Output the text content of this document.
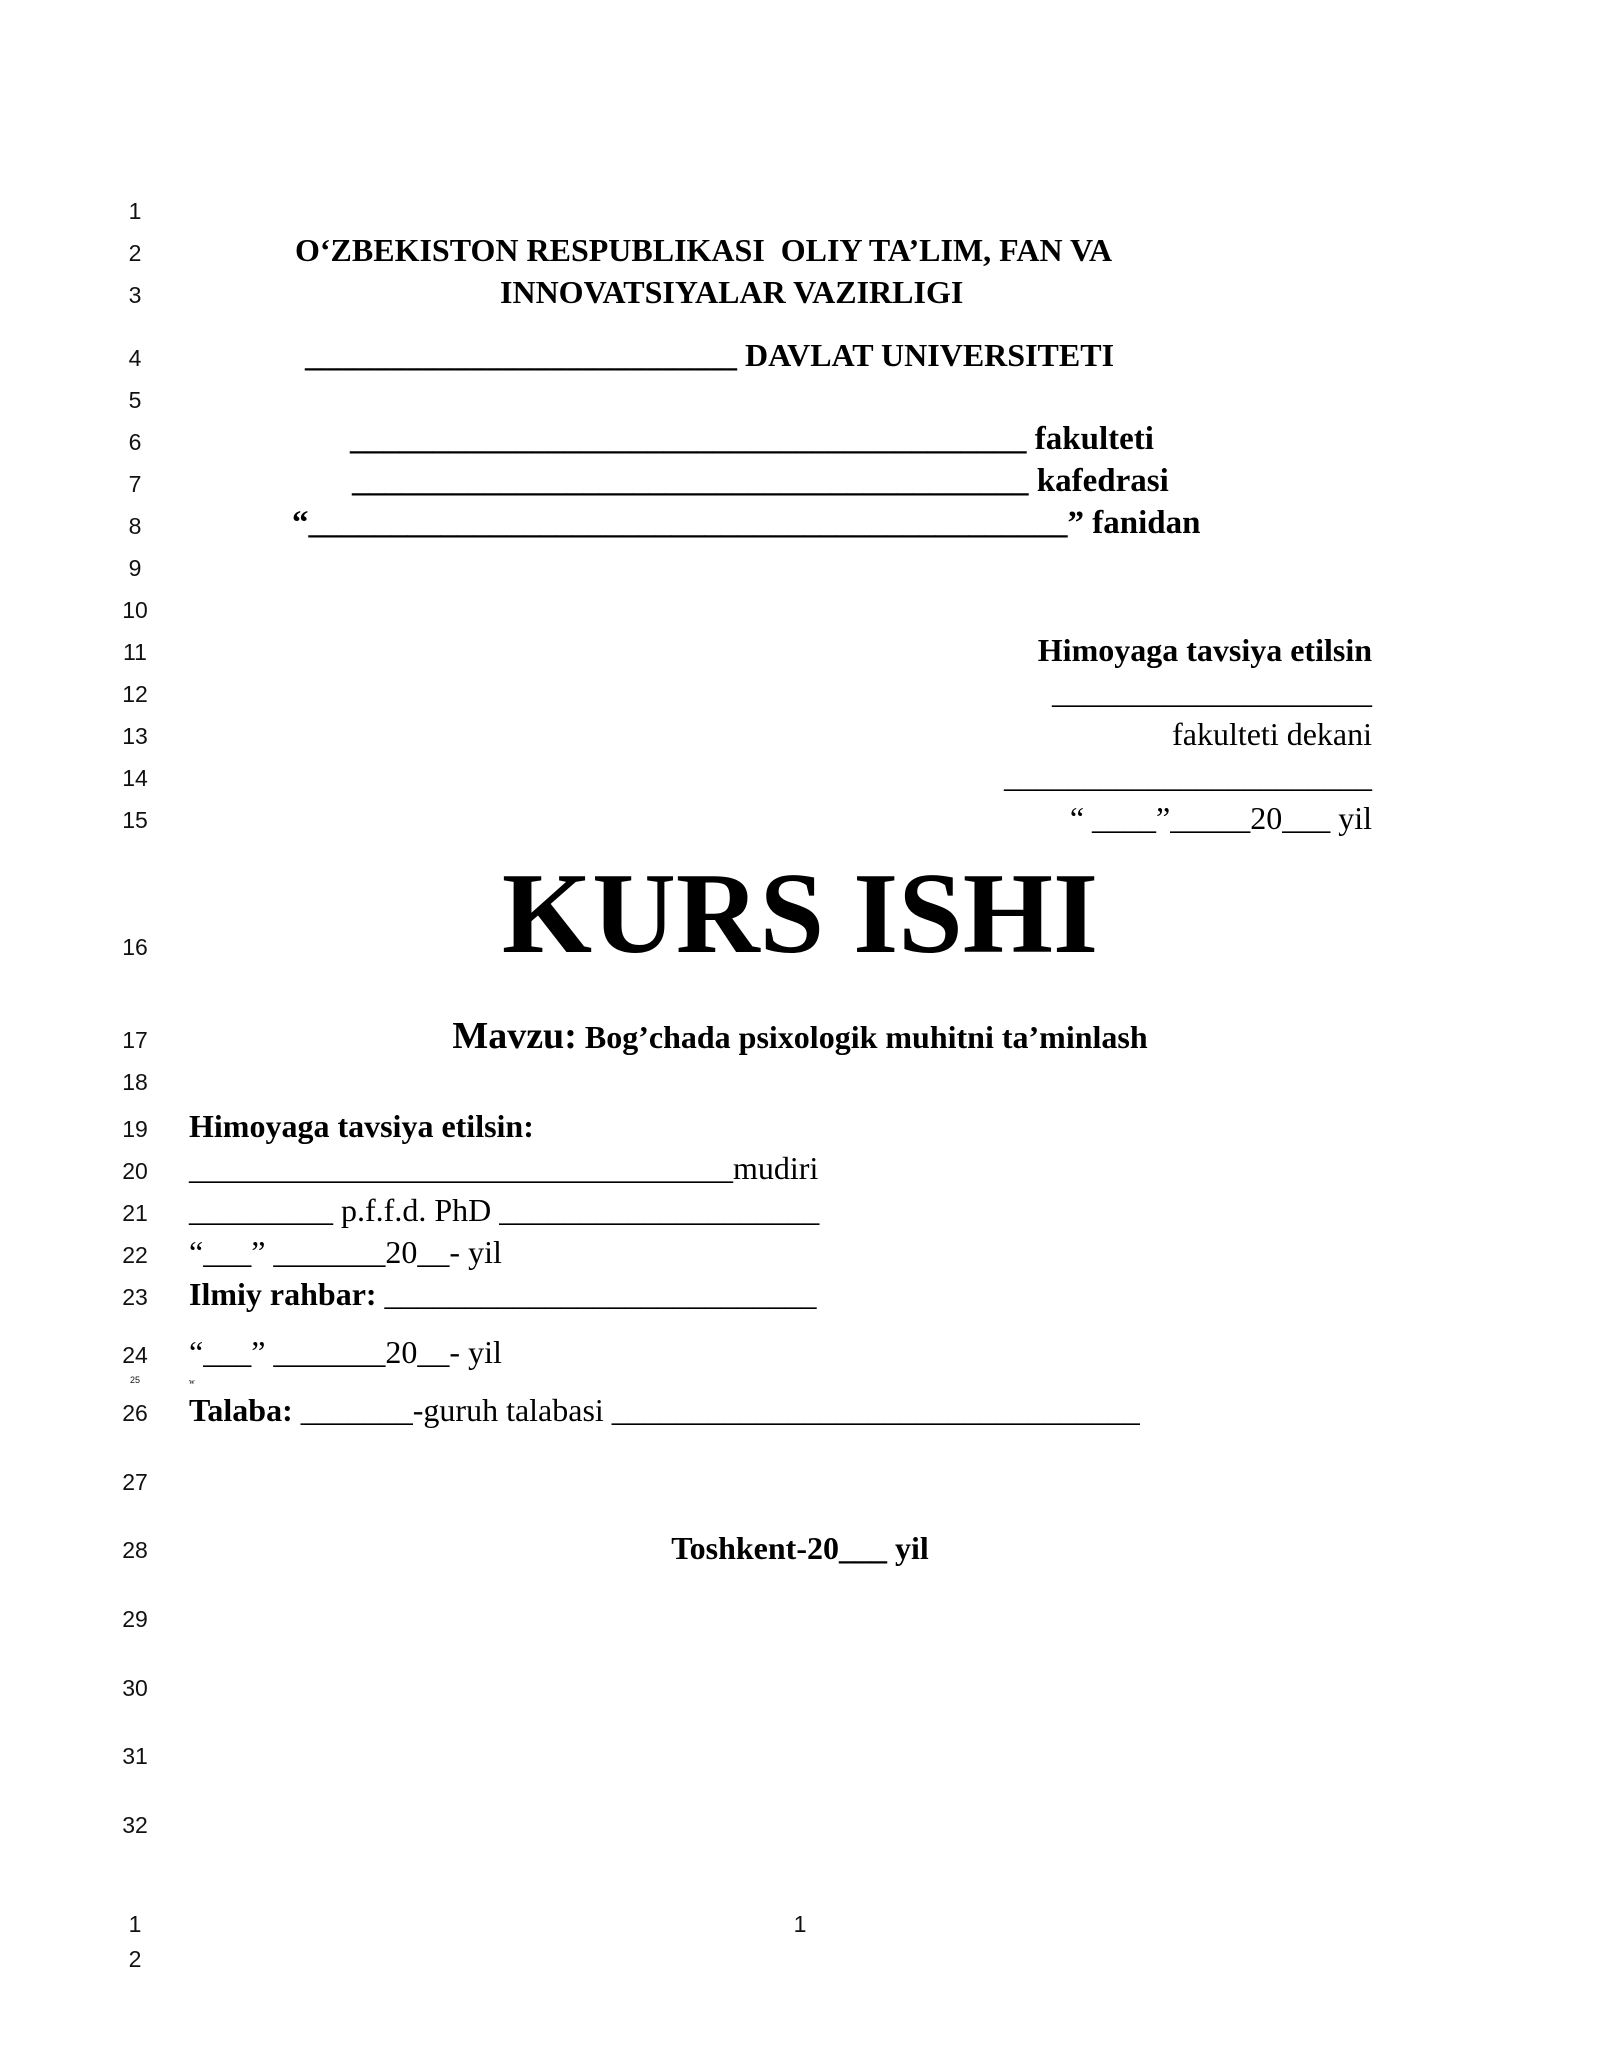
1
2
3
4
5
6
7
8
9
10
11
12
13
14
15
16
17
18
19
20
21
22
23
24
25
26
27
28
29
30
31
32
1
2
O‘ZBEKISTON RESPUBLIKASI  OLIY TA’LIM, FAN VA
INNOVATSIYALAR VAZIRLIGI
___________________________ DAVLAT UNIVERSITETI
_________________________________________ fakulteti
_________________________________________ kafedrasi
“______________________________________________” fanidan
Himoyaga tavsiya etilsin
____________________
fakulteti dekani
_______________________
“ ____”_____20___ yil
KURS ISHI
Mavzu: Bog’chada psixologik muhitni ta’minlash
Himoyaga tavsiya etilsin:
__________________________________mudiri
_________ p.f.f.d. PhD ____________________
“___” _______20__- yil
Ilmiy rahbar: ___________________________
“___” _______20__- yil
w
Talaba: _______-guruh talabasi _________________________________
Toshkent-20___ yil
1
